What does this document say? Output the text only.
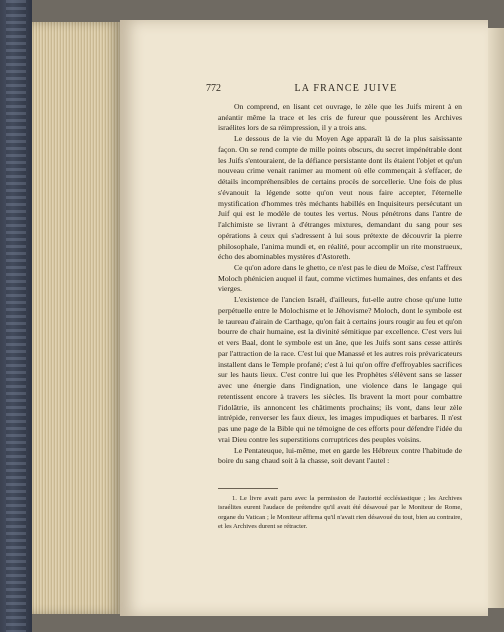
772	LA FRANCE JUIVE

On comprend, en lisant cet ouvrage, le zèle que les Juifs mirent à en anéantir même la trace et les cris de fureur que poussèrent les Archives israélites lors de sa réimpression, il y a trois ans.

Le dessous de la vie du Moyen Age apparaît là de la plus saisissante façon. On se rend compte de mille points obscurs, du secret impénétrable dont les Juifs s'entouraient, de la défiance persistante dont ils étaient l'objet et qu'un nouveau crime venait ranimer au moment où elle commençait à s'effacer, de détails incompréhensibles de certains procès de sorcellerie. Une fois de plus s'évanouit la légende sotte qu'on veut nous faire accepter, l'éternelle mystification d'hommes très méchants habillés en Inquisiteurs persécutant un Juif qui est le modèle de toutes les vertus. Nous pénétrons dans l'antre de l'alchimiste se livrant à d'étranges mixtures, demandant du sang pour ses opérations à ceux qui s'adressent à lui sous prétexte de découvrir la pierre philosophale, l'anima mundi et, en réalité, pour accomplir un rite monstrueux, écho des abominables mystères d'Astoreth.

Ce qu'on adore dans le ghetto, ce n'est pas le dieu de Moïse, c'est l'affreux Moloch phénicien auquel il faut, comme victimes humaines, des enfants et des vierges.

L'existence de l'ancien Israël, d'ailleurs, fut-elle autre chose qu'une lutte perpétuelle entre le Molochisme et le Jéhovisme? Moloch, dont le symbole est le taureau d'airain de Carthage, qu'on fait à certains jours rougir au feu et qu'on bourre de chair humaine, est la divinité sémitique par excellence. C'est vers lui et vers Baal, dont le symbole est un âne, que les Juifs sont sans cesse attirés par l'attraction de la race. C'est lui que Manassé et les autres rois prévaricateurs installent dans le Temple profané; c'est à lui qu'on offre d'effroyables sacrifices sur les hauts lieux. C'est contre lui que les Prophètes s'élèvent sans se lasser avec une énergie dans l'indignation, une violence dans le langage qui retentissent encore à travers les siècles. Ils bravent la mort pour combattre l'idolâtrie, ils annoncent les châtiments prochains; ils vont, dans leur zèle intrépide, renverser les faux dieux, les images impudiques et barbares. Il n'est pas une page de la Bible qui ne témoigne de ces efforts pour défendre l'idée du vrai Dieu contre les superstitions corruptrices des peuples voisins.

Le Pentateuque, lui-même, met en garde les Hébreux contre l'habitude de boire du sang chaud soit à la chasse, soit devant l'autel :

1. Le livre avait paru avec la permission de l'autorité ecclésiastique ; les Archives israélites eurent l'audace de prétendre qu'il avait été désavoué par le Moniteur de Rome, organe du Vatican ; le Moniteur affirma qu'il n'avait rien désavoué du tout, bien au contraire, et les Archives durent se rétracter.
